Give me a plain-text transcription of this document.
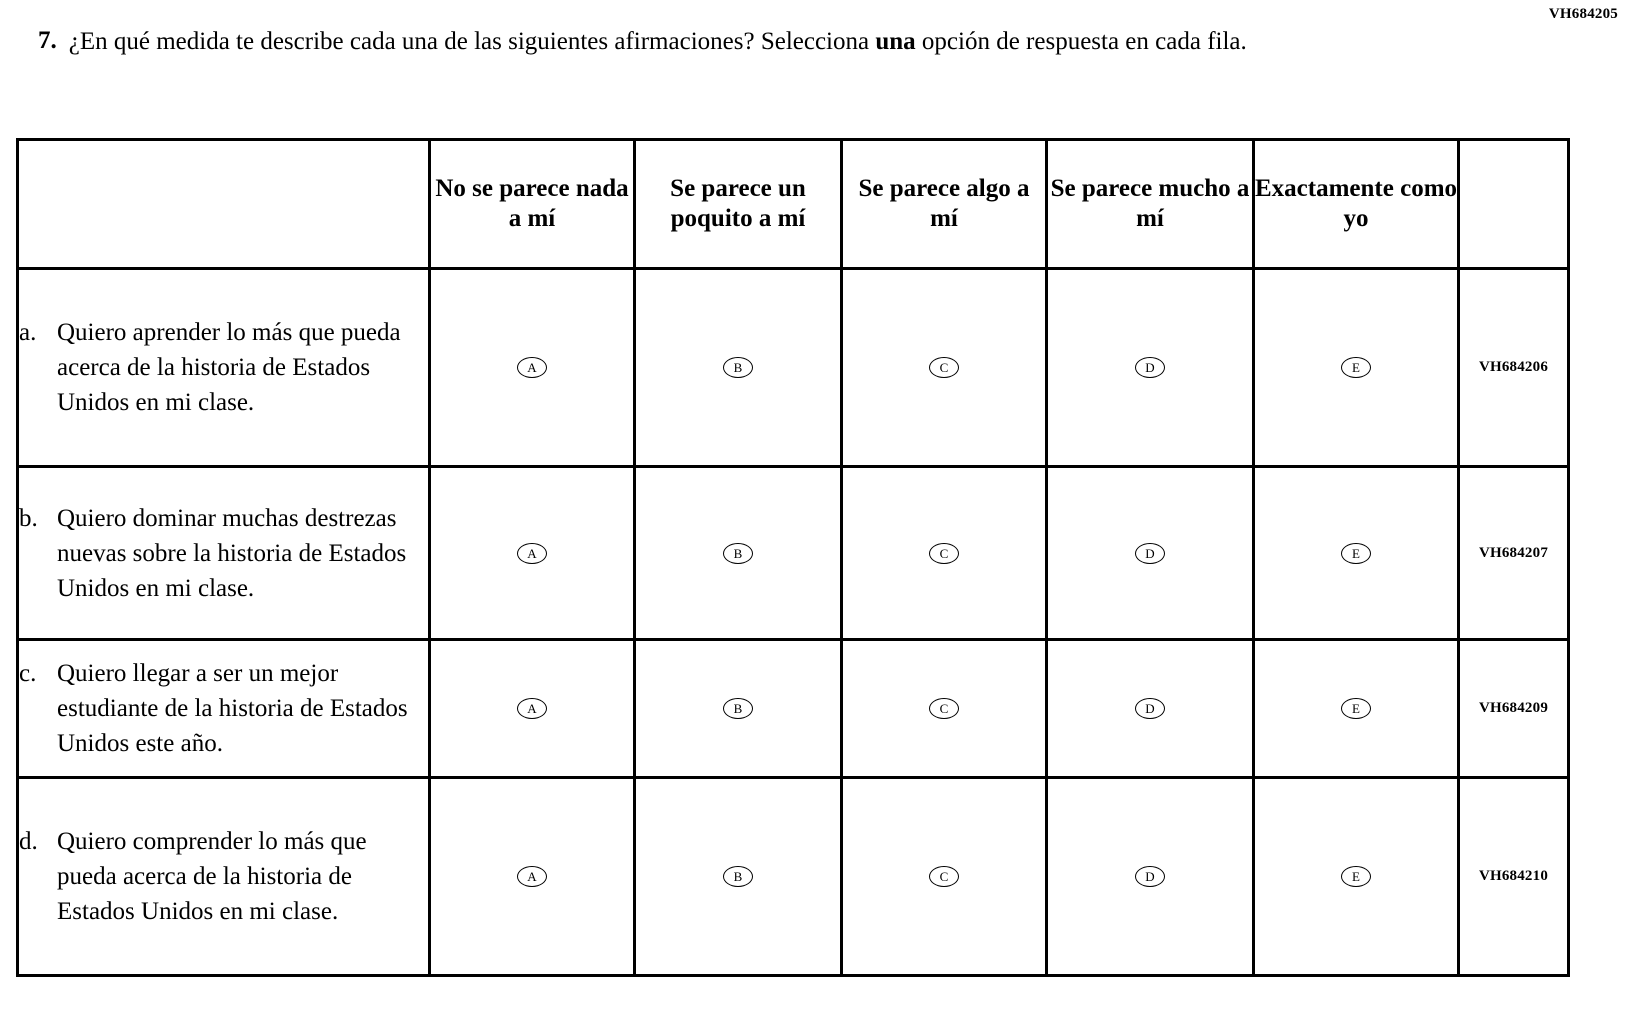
VH684205
7. ¿En qué medida te describe cada una de las siguientes afirmaciones? Selecciona una opción de respuesta en cada fila.
	No se parece nada a mí	Se parece un poquito a mí	Se parece algo a mí	Se parece mucho a mí	Exactamente como yo	

a. Quiero aprender lo más que pueda acerca de la historia de Estados Unidos en mi clase.	A	B	C	D	E	VH684206

b. Quiero dominar muchas destrezas nuevas sobre la historia de Estados Unidos en mi clase.	A	B	C	D	E	VH684207

c. Quiero llegar a ser un mejor estudiante de la historia de Estados Unidos este año.	A	B	C	D	E	VH684209

d. Quiero comprender lo más que pueda acerca de la historia de Estados Unidos en mi clase.	A	B	C	D	E	VH684210
